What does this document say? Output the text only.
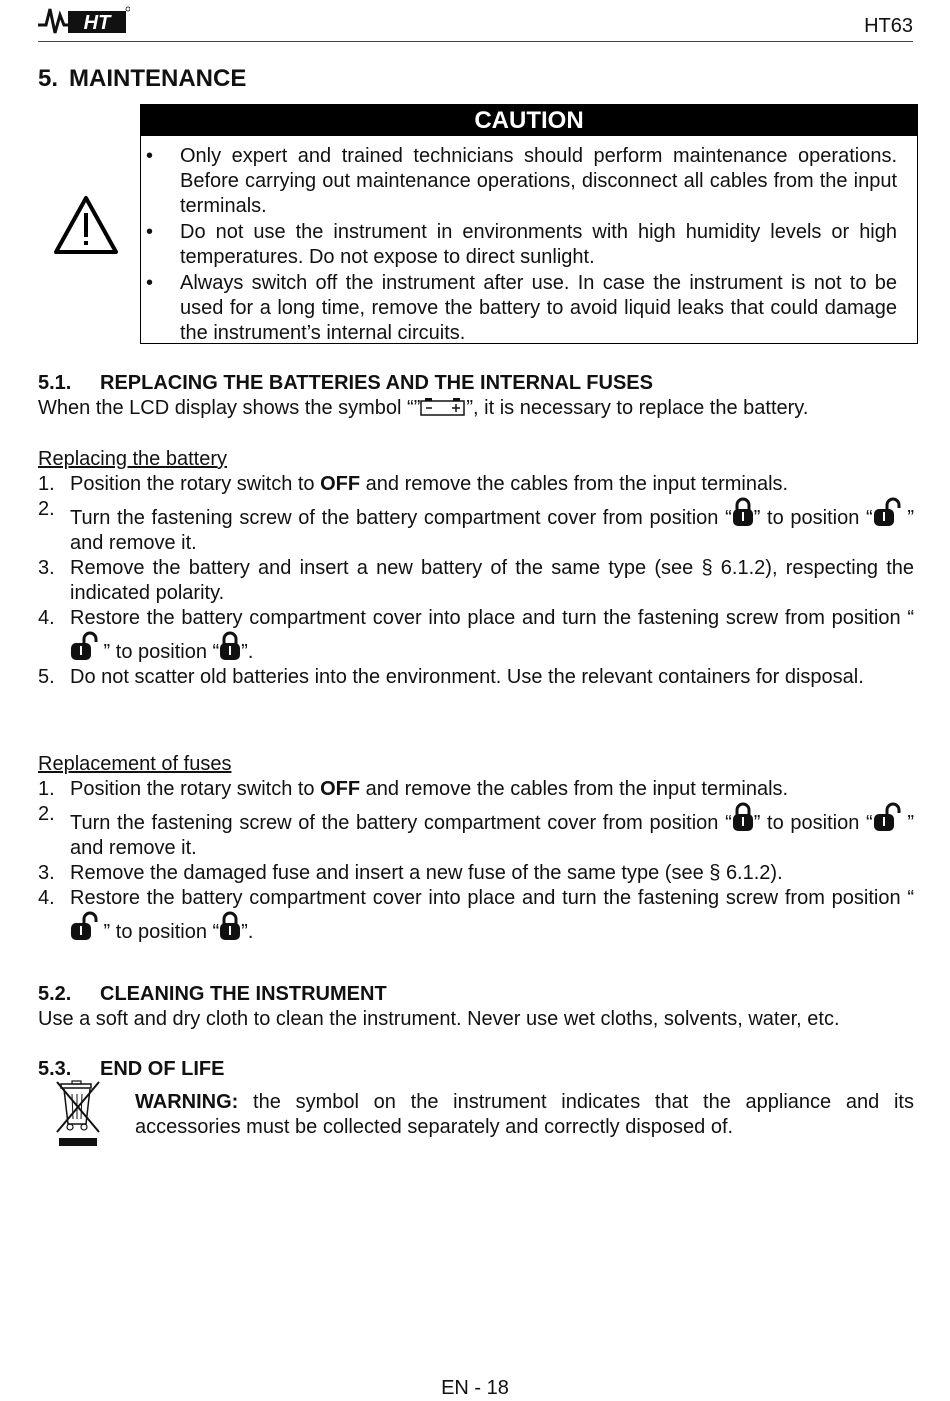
HT	HT63
5. MAINTENANCE
CAUTION
• Only expert and trained technicians should perform maintenance operations. Before carrying out maintenance operations, disconnect all cables from the input terminals.
• Do not use the instrument in environments with high humidity levels or high temperatures. Do not expose to direct sunlight.
• Always switch off the instrument after use. In case the instrument is not to be used for a long time, remove the battery to avoid liquid leaks that could damage the instrument’s internal circuits.
5.1. REPLACING THE BATTERIES AND THE INTERNAL FUSES
When the LCD display shows the symbol “” ”, it is necessary to replace the battery.
Replacing the battery
1. Position the rotary switch to OFF and remove the cables from the input terminals.
2. Turn the fastening screw of the battery compartment cover from position “ ” to position “ ” and remove it.
3. Remove the battery and insert a new battery of the same type (see § 6.1.2), respecting the indicated polarity.
4. Restore the battery compartment cover into place and turn the fastening screw from position “ ” to position “ ”.
5. Do not scatter old batteries into the environment. Use the relevant containers for disposal.
Replacement of fuses
1. Position the rotary switch to OFF and remove the cables from the input terminals.
2. Turn the fastening screw of the battery compartment cover from position “ ” to position “ ” and remove it.
3. Remove the damaged fuse and insert a new fuse of the same type (see § 6.1.2).
4. Restore the battery compartment cover into place and turn the fastening screw from position “ ” to position “ ”.
5.2. CLEANING THE INSTRUMENT
Use a soft and dry cloth to clean the instrument. Never use wet cloths, solvents, water, etc.
5.3. END OF LIFE
WARNING: the symbol on the instrument indicates that the appliance and its accessories must be collected separately and correctly disposed of.
EN - 18
